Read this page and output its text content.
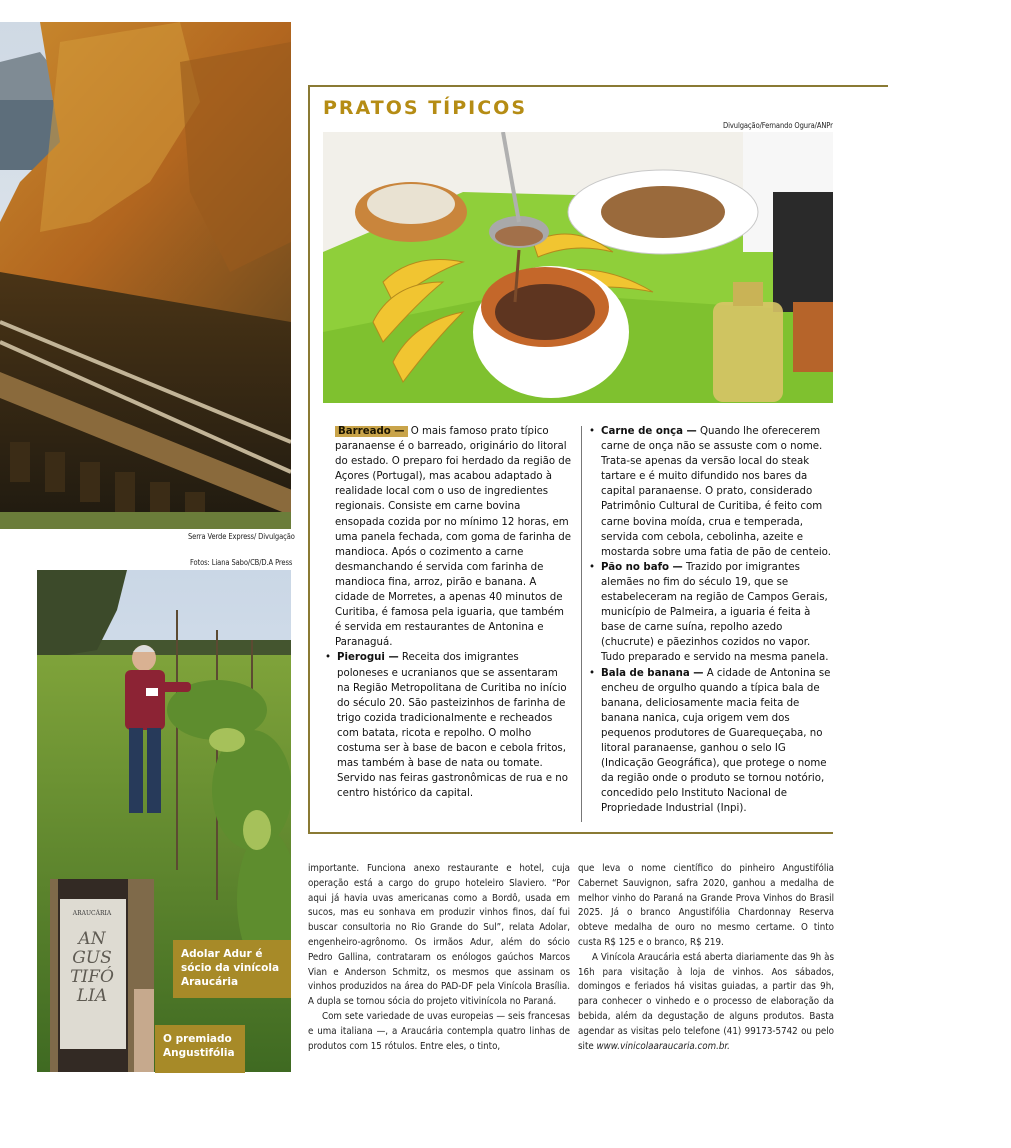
Serra Verde Express/ Divulgação
Fotos: Liana Sabo/CB/D.A Press
ARAUCÁRIA
AN GUS TIFÓ LIA
Adolar Adur é sócio da vinícola Araucária
O premiado Angustifólia
PRATOS TÍPICOS
Divulgação/Fernando Ogura/ANPr

Barreado — O mais famoso prato típico paranaense é o barreado, originário do litoral do estado. O preparo foi herdado da região de Açores (Portugal), mas acabou adaptado à realidade local com o uso de ingredientes regionais. Consiste em carne bovina ensopada cozida por no mínimo 12 horas, em uma panela fechada, com goma de farinha de mandioca. Após o cozimento a carne desmanchando é servida com farinha de mandioca fina, arroz, pirão e banana. A cidade de Morretes, a apenas 40 minutos de Curitiba, é famosa pela iguaria, que também é servida em restaurantes de Antonina e Paranaguá.

• Pierogui — Receita dos imigrantes poloneses e ucranianos que se assentaram na Região Metropolitana de Curitiba no início do século 20. São pasteizinhos de farinha de trigo cozida tradicionalmente e recheados com batata, ricota e repolho. O molho costuma ser à base de bacon e cebola fritos, mas também à base de nata ou tomate. Servido nas feiras gastronômicas de rua e no centro histórico da capital.
• Carne de onça — Quando lhe oferecerem carne de onça não se assuste com o nome. Trata-se apenas da versão local do steak tartare e é muito difundido nos bares da capital paranaense. O prato, considerado Patrimônio Cultural de Curitiba, é feito com carne bovina moída, crua e temperada, servida com cebola, cebolinha, azeite e mostarda sobre uma fatia de pão de centeio.
• Pão no bafo — Trazido por imigrantes alemães no fim do século 19, que se estabeleceram na região de Campos Gerais, município de Palmeira, a iguaria é feita à base de carne suína, repolho azedo (chucrute) e pãezinhos cozidos no vapor. Tudo preparado e servido na mesma panela.
• Bala de banana — A cidade de Antonina se encheu de orgulho quando a típica bala de banana, deliciosamente macia feita de banana nanica, cuja origem vem dos pequenos produtores de Guarequeçaba, no litoral paranaense, ganhou o selo IG (Indicação Geográfica), que protege o nome da região onde o produto se tornou notório, concedido pelo Instituto Nacional de Propriedade Industrial (Inpi).

importante. Funciona anexo restaurante e hotel, cuja operação está a cargo do grupo hoteleiro Slaviero. “Por aqui já havia uvas americanas como a Bordô, usada em sucos, mas eu sonhava em produzir vinhos finos, daí fui buscar consultoria no Rio Grande do Sul”, relata Adolar, engenheiro-agrônomo. Os irmãos Adur, além do sócio Pedro Gallina, contrataram os enólogos gaúchos Marcos Vian e Anderson Schmitz, os mesmos que assinam os vinhos produzidos na área do PAD-DF pela Vinícola Brasília. A dupla se tornou sócia do projeto vitivinícola no Paraná.

Com sete variedade de uvas europeias — seis francesas e uma italiana —, a Araucária contempla quatro linhas de produtos com 15 rótulos. Entre eles, o tinto,

que leva o nome científico do pinheiro Angustifólia Cabernet Sauvignon, safra 2020, ganhou a medalha de melhor vinho do Paraná na Grande Prova Vinhos do Brasil 2025. Já o branco Angustifólia Chardonnay Reserva obteve medalha de ouro no mesmo certame. O tinto custa R$ 125 e o branco, R$ 219.

A Vinícola Araucária está aberta diariamente das 9h às 16h para visitação à loja de vinhos. Aos sábados, domingos e feriados há visitas guiadas, a partir das 9h, para conhecer o vinhedo e o processo de elaboração da bebida, além da degustação de alguns produtos. Basta agendar as visitas pelo telefone (41) 99173-5742 ou pelo site www.vinicolaaraucaria.com.br.
